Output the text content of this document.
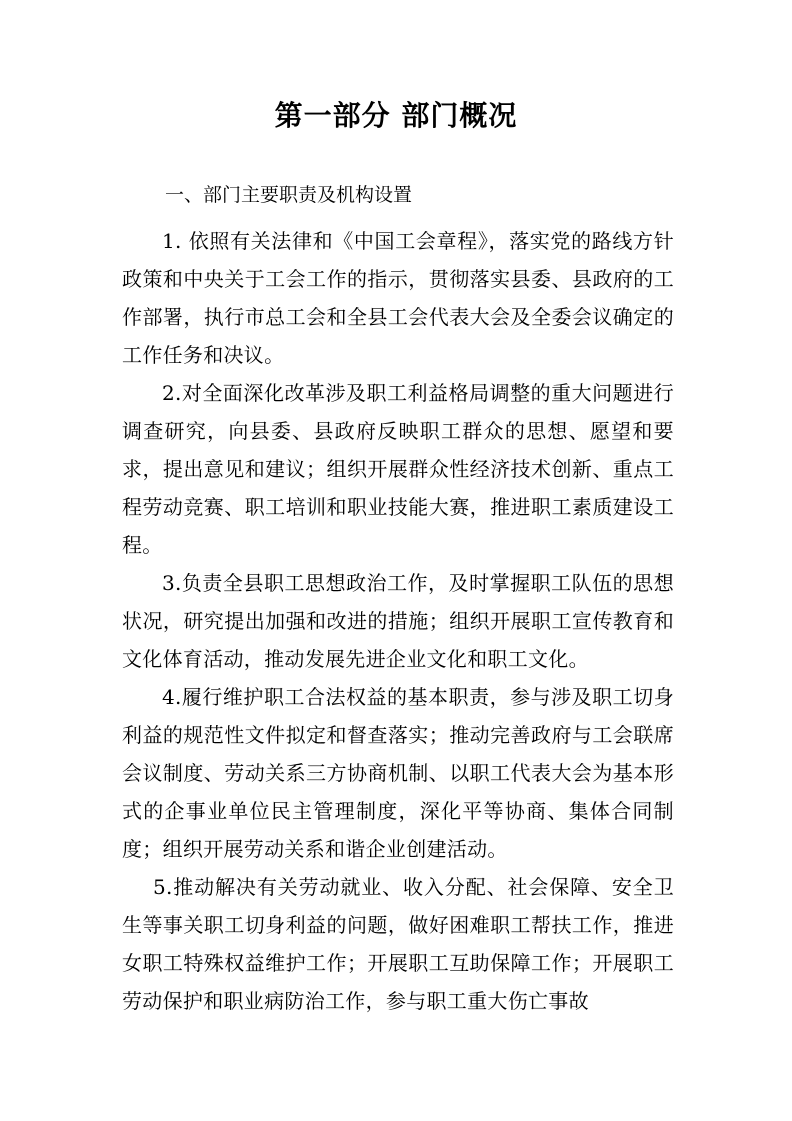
第一部分 部门概况
一、部门主要职责及机构设置

1. 依照有关法律和《中国工会章程》，落实党的路线方针政策和中央关于工会工作的指示，贯彻落实县委、县政府的工作部署，执行市总工会和全县工会代表大会及全委会议确定的工作任务和决议。

2.对全面深化改革涉及职工利益格局调整的重大问题进行调查研究，向县委、县政府反映职工群众的思想、愿望和要求，提出意见和建议；组织开展群众性经济技术创新、重点工程劳动竞赛、职工培训和职业技能大赛，推进职工素质建设工程。

3.负责全县职工思想政治工作，及时掌握职工队伍的思想状况，研究提出加强和改进的措施；组织开展职工宣传教育和文化体育活动，推动发展先进企业文化和职工文化。

4.履行维护职工合法权益的基本职责，参与涉及职工切身利益的规范性文件拟定和督查落实；推动完善政府与工会联席会议制度、劳动关系三方协商机制、以职工代表大会为基本形式的企事业单位民主管理制度，深化平等协商、集体合同制度；组织开展劳动关系和谐企业创建活动。

5.推动解决有关劳动就业、收入分配、社会保障、安全卫生等事关职工切身利益的问题，做好困难职工帮扶工作，推进女职工特殊权益维护工作；开展职工互助保障工作；开展职工劳动保护和职业病防治工作，参与职工重大伤亡事故
